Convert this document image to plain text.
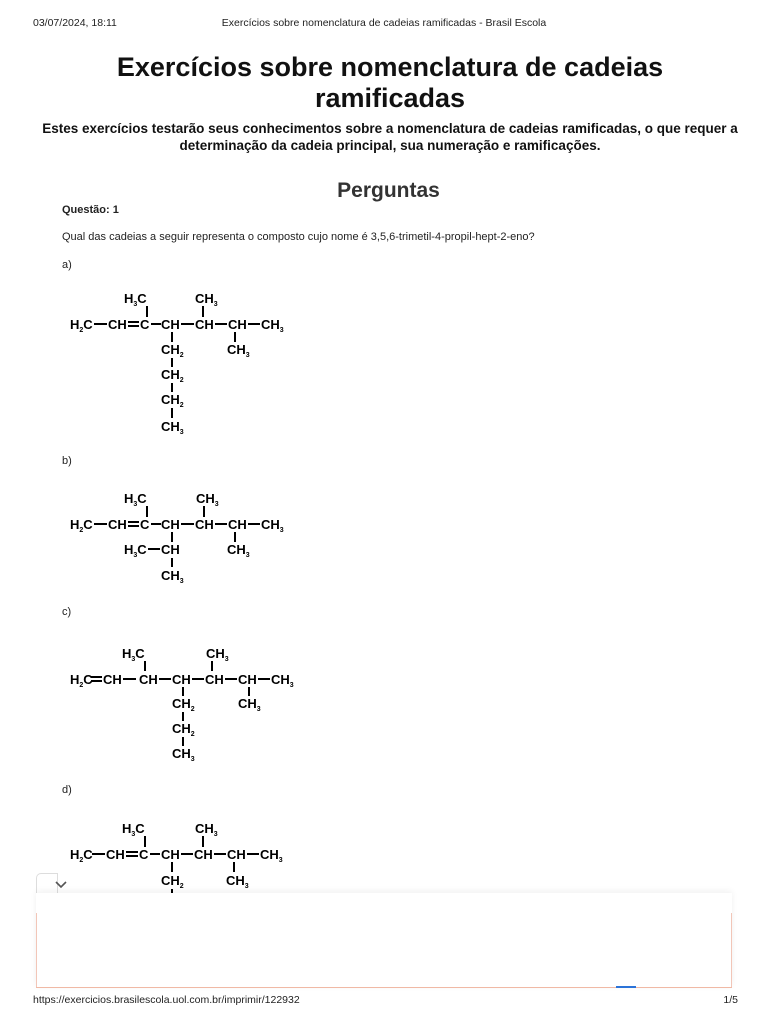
03/07/2024, 18:11	Exercícios sobre nomenclatura de cadeias ramificadas - Brasil Escola
Exercícios sobre nomenclatura de cadeias ramificadas
Estes exercícios testarão seus conhecimentos sobre a nomenclatura de cadeias ramificadas, o que requer a determinação da cadeia principal, sua numeração e ramificações.
Perguntas
Questão: 1
Qual das cadeias a seguir representa o composto cujo nome é 3,5,6-trimetil-4-propil-hept-2-eno?
a)
$H_3C$	$CH_3$
$H_2C$ CH C CH CH CH $CH_3$
$CH_2$	$CH_3$
$CH_2$
$CH_2$
$CH_3$
b)
$H_3C$	$CH_3$
$H_2C$ CH C CH CH CH $CH_3$
$H_3C$ CH	$CH_3$
$CH_3$
c)
$H_3C$	$CH_3$
$H_2C$ CH CH CH CH CH $CH_3$
$CH_2$	$CH_3$
$CH_2$
$CH_3$
d)
$H_3C$	$CH_3$
$H_2C$ CH C CH CH CH $CH_3$
$CH_2$	$CH_3$
https://exercicios.brasilescola.uol.com.br/imprimir/122932	1/5
